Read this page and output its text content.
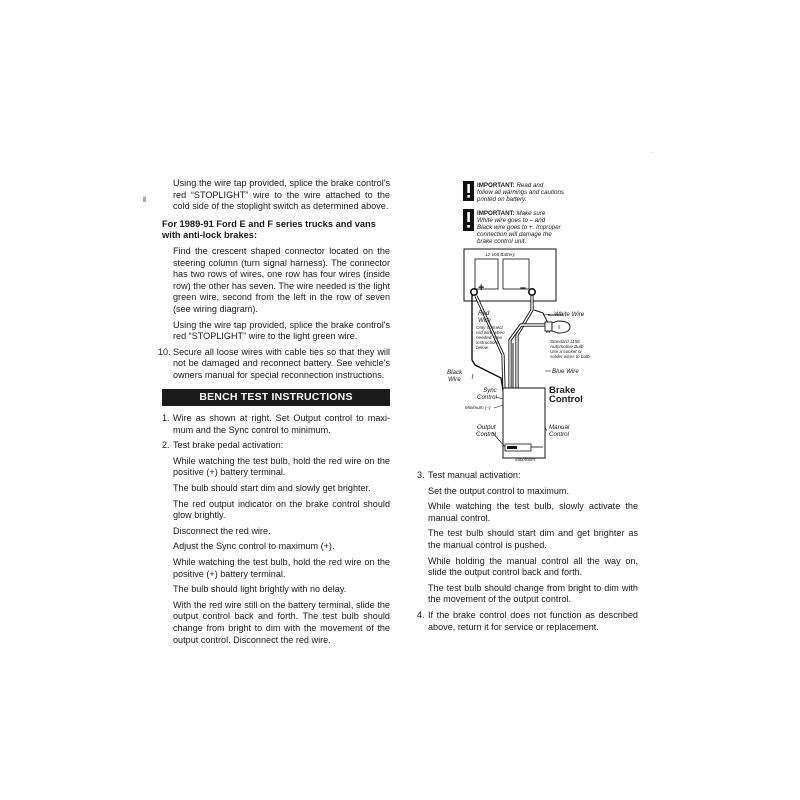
Using the wire tap provided, splice the brake control's red “STOPLIGHT” wire to the wire attached to the cold side of the stoplight switch as determined above.

For 1989-91 Ford E and F series trucks and vans with anti-lock brakes:

Find the crescent shaped connector located on the steering column (turn signal harness). The connector has two rows of wires, one row has four wires (inside row) the other has seven. The wire needed is the light green wire, second from the left in the row of seven (see wiring diagram).

Using the wire tap provided, splice the brake control's red “STOPLIGHT” wire to the light green wire.

10. Secure all loose wires with cable ties so that they will not be damaged and reconnect battery. See vehicle's owners manual for special reconnection instructions.
BENCH TEST INSTRUCTIONS
1. Wire as shown at right. Set Output control to maxi-mum and the Sync control to minimum.
2. Test brake pedal activation:

While watching the test bulb, hold the red wire on the positive (+) battery terminal.

The bulb should start dim and slowly get brighter.

The red output indicator on the brake control should glow brightly.

Disconnect the red wire.

Adjust the Sync control to maximum (+).

While watching the test bulb, hold the red wire on the positive (+) battery terminal.

The bulb should light brightly with no delay.

With the red wire still on the battery terminal, slide the output control back and forth. The test bulb should change from bright to dim with the movement of the output control. Disconnect the red wire.

3. Test manual activation:

Set the output control to maximum.

While watching the test bulb, slowly activate the manual control.

The test bulb should start dim and get brighter as the manual control is pushed.

While holding the manual control all the way on, slide the output control back and forth.

The test bulb should change from bright to dim with the movement of the output control.

4. If the brake control does not function as described above, return it for service or replacement.
⦀
·
IMPORTANT: Read and
follow all warnings and cautions
printed on battery.
IMPORTANT: Make sure
White wire goes to – and
Black wire goes to +. Improper
connection will damage the
brake control unit.
12 Volt Battery
+	–
Red
Wire
Only connect
red wire when
needed. See
instructions
below.
White Wire
Standard 1156
Automotive Bulb
Use a socket or
solder wires to bulb.
Black
Wire
Blue Wire
Sync
Control
Minimum (–)
Brake
Control
Output
Control
Manual
Control
Maximum
